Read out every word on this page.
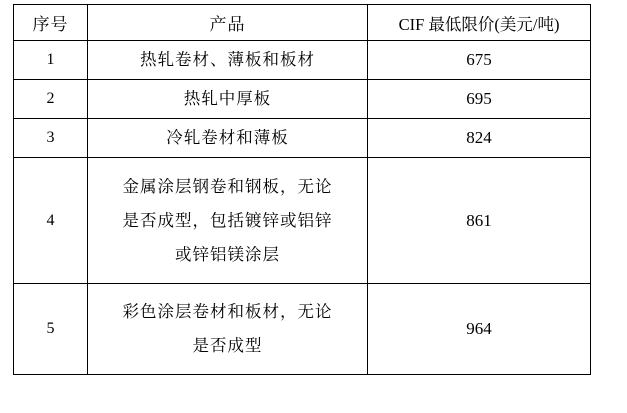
序号	产品	CIF 最低限价(美元/吨)
1	热轧卷材、薄板和板材	675
2	热轧中厚板	695
3	冷轧卷材和薄板	824
4	金属涂层钢卷和钢板，无论
是否成型，包括镀锌或铝锌
或锌铝镁涂层	861
5	彩色涂层卷材和板材，无论
是否成型	964
